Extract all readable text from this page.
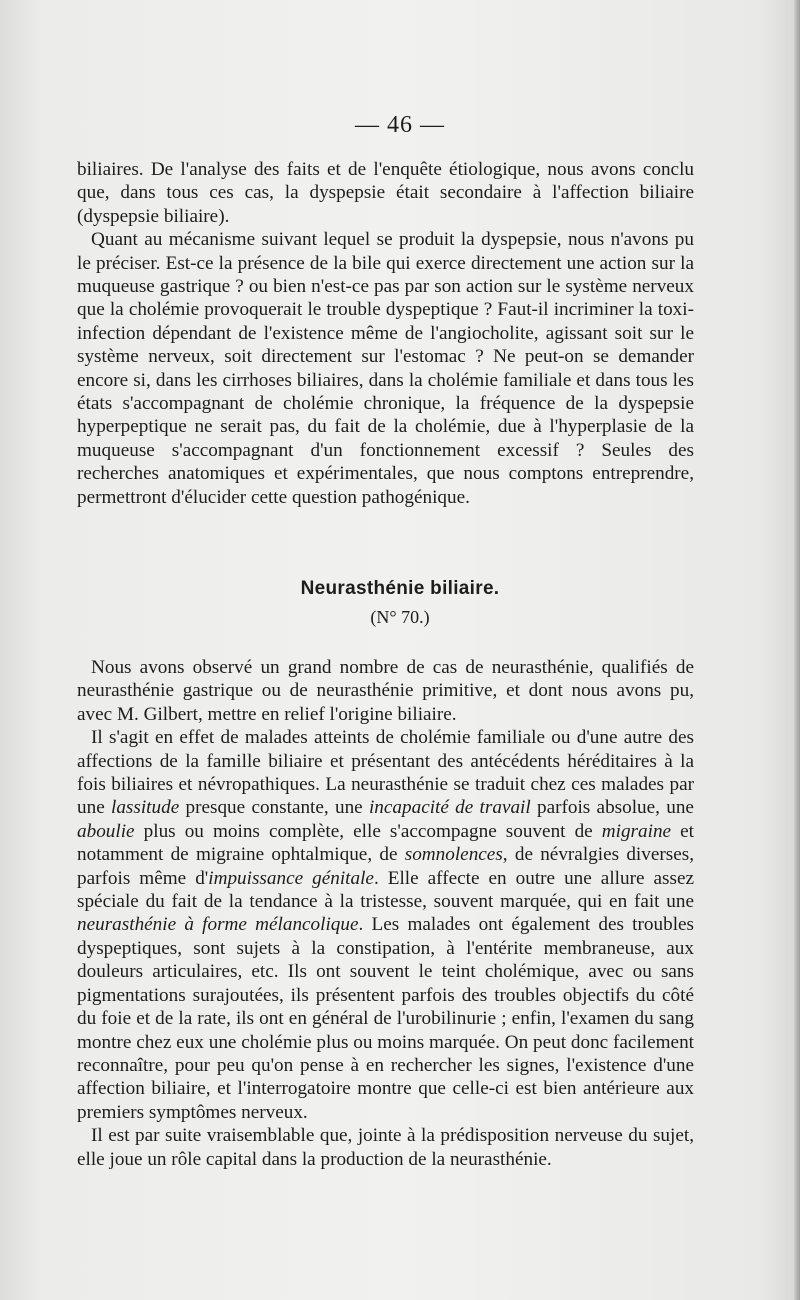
— 46 —

biliaires. De l'analyse des faits et de l'enquête étiologique, nous avons conclu que, dans tous ces cas, la dyspepsie était secondaire à l'affection biliaire (dyspepsie biliaire).

Quant au mécanisme suivant lequel se produit la dyspepsie, nous n'avons pu le préciser. Est-ce la présence de la bile qui exerce directement une action sur la muqueuse gastrique ? ou bien n'est-ce pas par son action sur le système nerveux que la cholémie provoquerait le trouble dyspeptique ? Faut-il incriminer la toxi-infection dépendant de l'existence même de l'angiocholite, agissant soit sur le système nerveux, soit directement sur l'estomac ? Ne peut-on se demander encore si, dans les cirrhoses biliaires, dans la cholémie familiale et dans tous les états s'accompagnant de cholémie chronique, la fréquence de la dyspepsie hyperpeptique ne serait pas, du fait de la cholémie, due à l'hyperplasie de la muqueuse s'accompagnant d'un fonctionnement excessif ? Seules des recherches anatomiques et expérimentales, que nous comptons entreprendre, permettront d'élucider cette question pathogénique.

Neurasthénie biliaire.
(N° 70.)

Nous avons observé un grand nombre de cas de neurasthénie, qualifiés de neurasthénie gastrique ou de neurasthénie primitive, et dont nous avons pu, avec M. Gilbert, mettre en relief l'origine biliaire.

Il s'agit en effet de malades atteints de cholémie familiale ou d'une autre des affections de la famille biliaire et présentant des antécédents héréditaires à la fois biliaires et névropathiques. La neurasthénie se traduit chez ces malades par une lassitude presque constante, une incapacité de travail parfois absolue, une aboulie plus ou moins complète, elle s'accompagne souvent de migraine et notamment de migraine ophtalmique, de somnolences, de névralgies diverses, parfois même d'impuissance génitale. Elle affecte en outre une allure assez spéciale du fait de la tendance à la tristesse, souvent marquée, qui en fait une neurasthénie à forme mélancolique. Les malades ont également des troubles dyspeptiques, sont sujets à la constipation, à l'entérite membraneuse, aux douleurs articulaires, etc. Ils ont souvent le teint cholémique, avec ou sans pigmentations surajoutées, ils présentent parfois des troubles objectifs du côté du foie et de la rate, ils ont en général de l'urobilinurie ; enfin, l'examen du sang montre chez eux une cholémie plus ou moins marquée. On peut donc facilement reconnaître, pour peu qu'on pense à en rechercher les signes, l'existence d'une affection biliaire, et l'interrogatoire montre que celle-ci est bien antérieure aux premiers symptômes nerveux.

Il est par suite vraisemblable que, jointe à la prédisposition nerveuse du sujet, elle joue un rôle capital dans la production de la neurasthénie.
